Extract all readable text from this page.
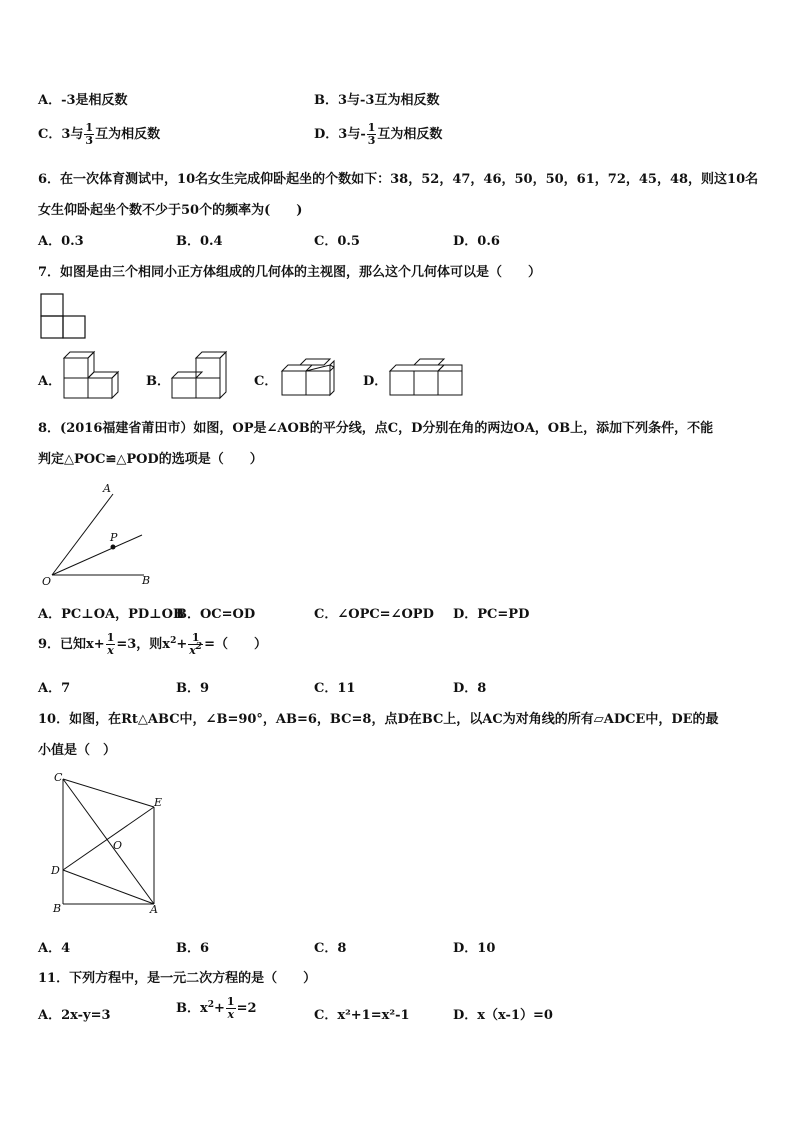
A．-3是相反数	B．3与-3互为相反数
C．3与 $\frac{1}{3}$ 互为相反数	D．3与- $\frac{1}{3}$ 互为相反数
6．在一次体育测试中，10名女生完成仰卧起坐的个数如下：38，52，47，46，50，50，61，72，45，48，则这10名
女生仰卧起坐个数不少于50个的频率为(　　)
A．0.3	B．0.4	C．0.5	D．0.6
7．如图是由三个相同小正方体组成的几何体的主视图，那么这个几何体可以是（　　）
A．	B．	C．	D．
8．(2016福建省莆田市）如图，OP是∠AOB的平分线，点C，D分别在角的两边OA，OB上，添加下列条件，不能
判定△POC≌△POD的选项是（　　）
A
P
O	B
A．PC⊥OA，PD⊥OB
B．OC=OD	C．∠OPC=∠OPD D．PC=PD
9．已知$x+ \frac{1}{x} =3$，则$x^2+ \frac{1}{x^2}$ =（　　）
A．7	B．9	C．11	D．8
10．如图，在Rt△ABC中，∠B=90°，AB=6，BC=8，点D在BC上，以AC为对角线的所有▱ADCE中，DE的最
小值是（　）
C
E
O
D
B	A
A．4	B．6	C．8	D．10
11．下列方程中，是一元二次方程的是（　　）
A．2x-y=3	B．$x^2+ \frac{1}{x} =2$	C．x²+1=x²-1	D．x（x-1）=0
